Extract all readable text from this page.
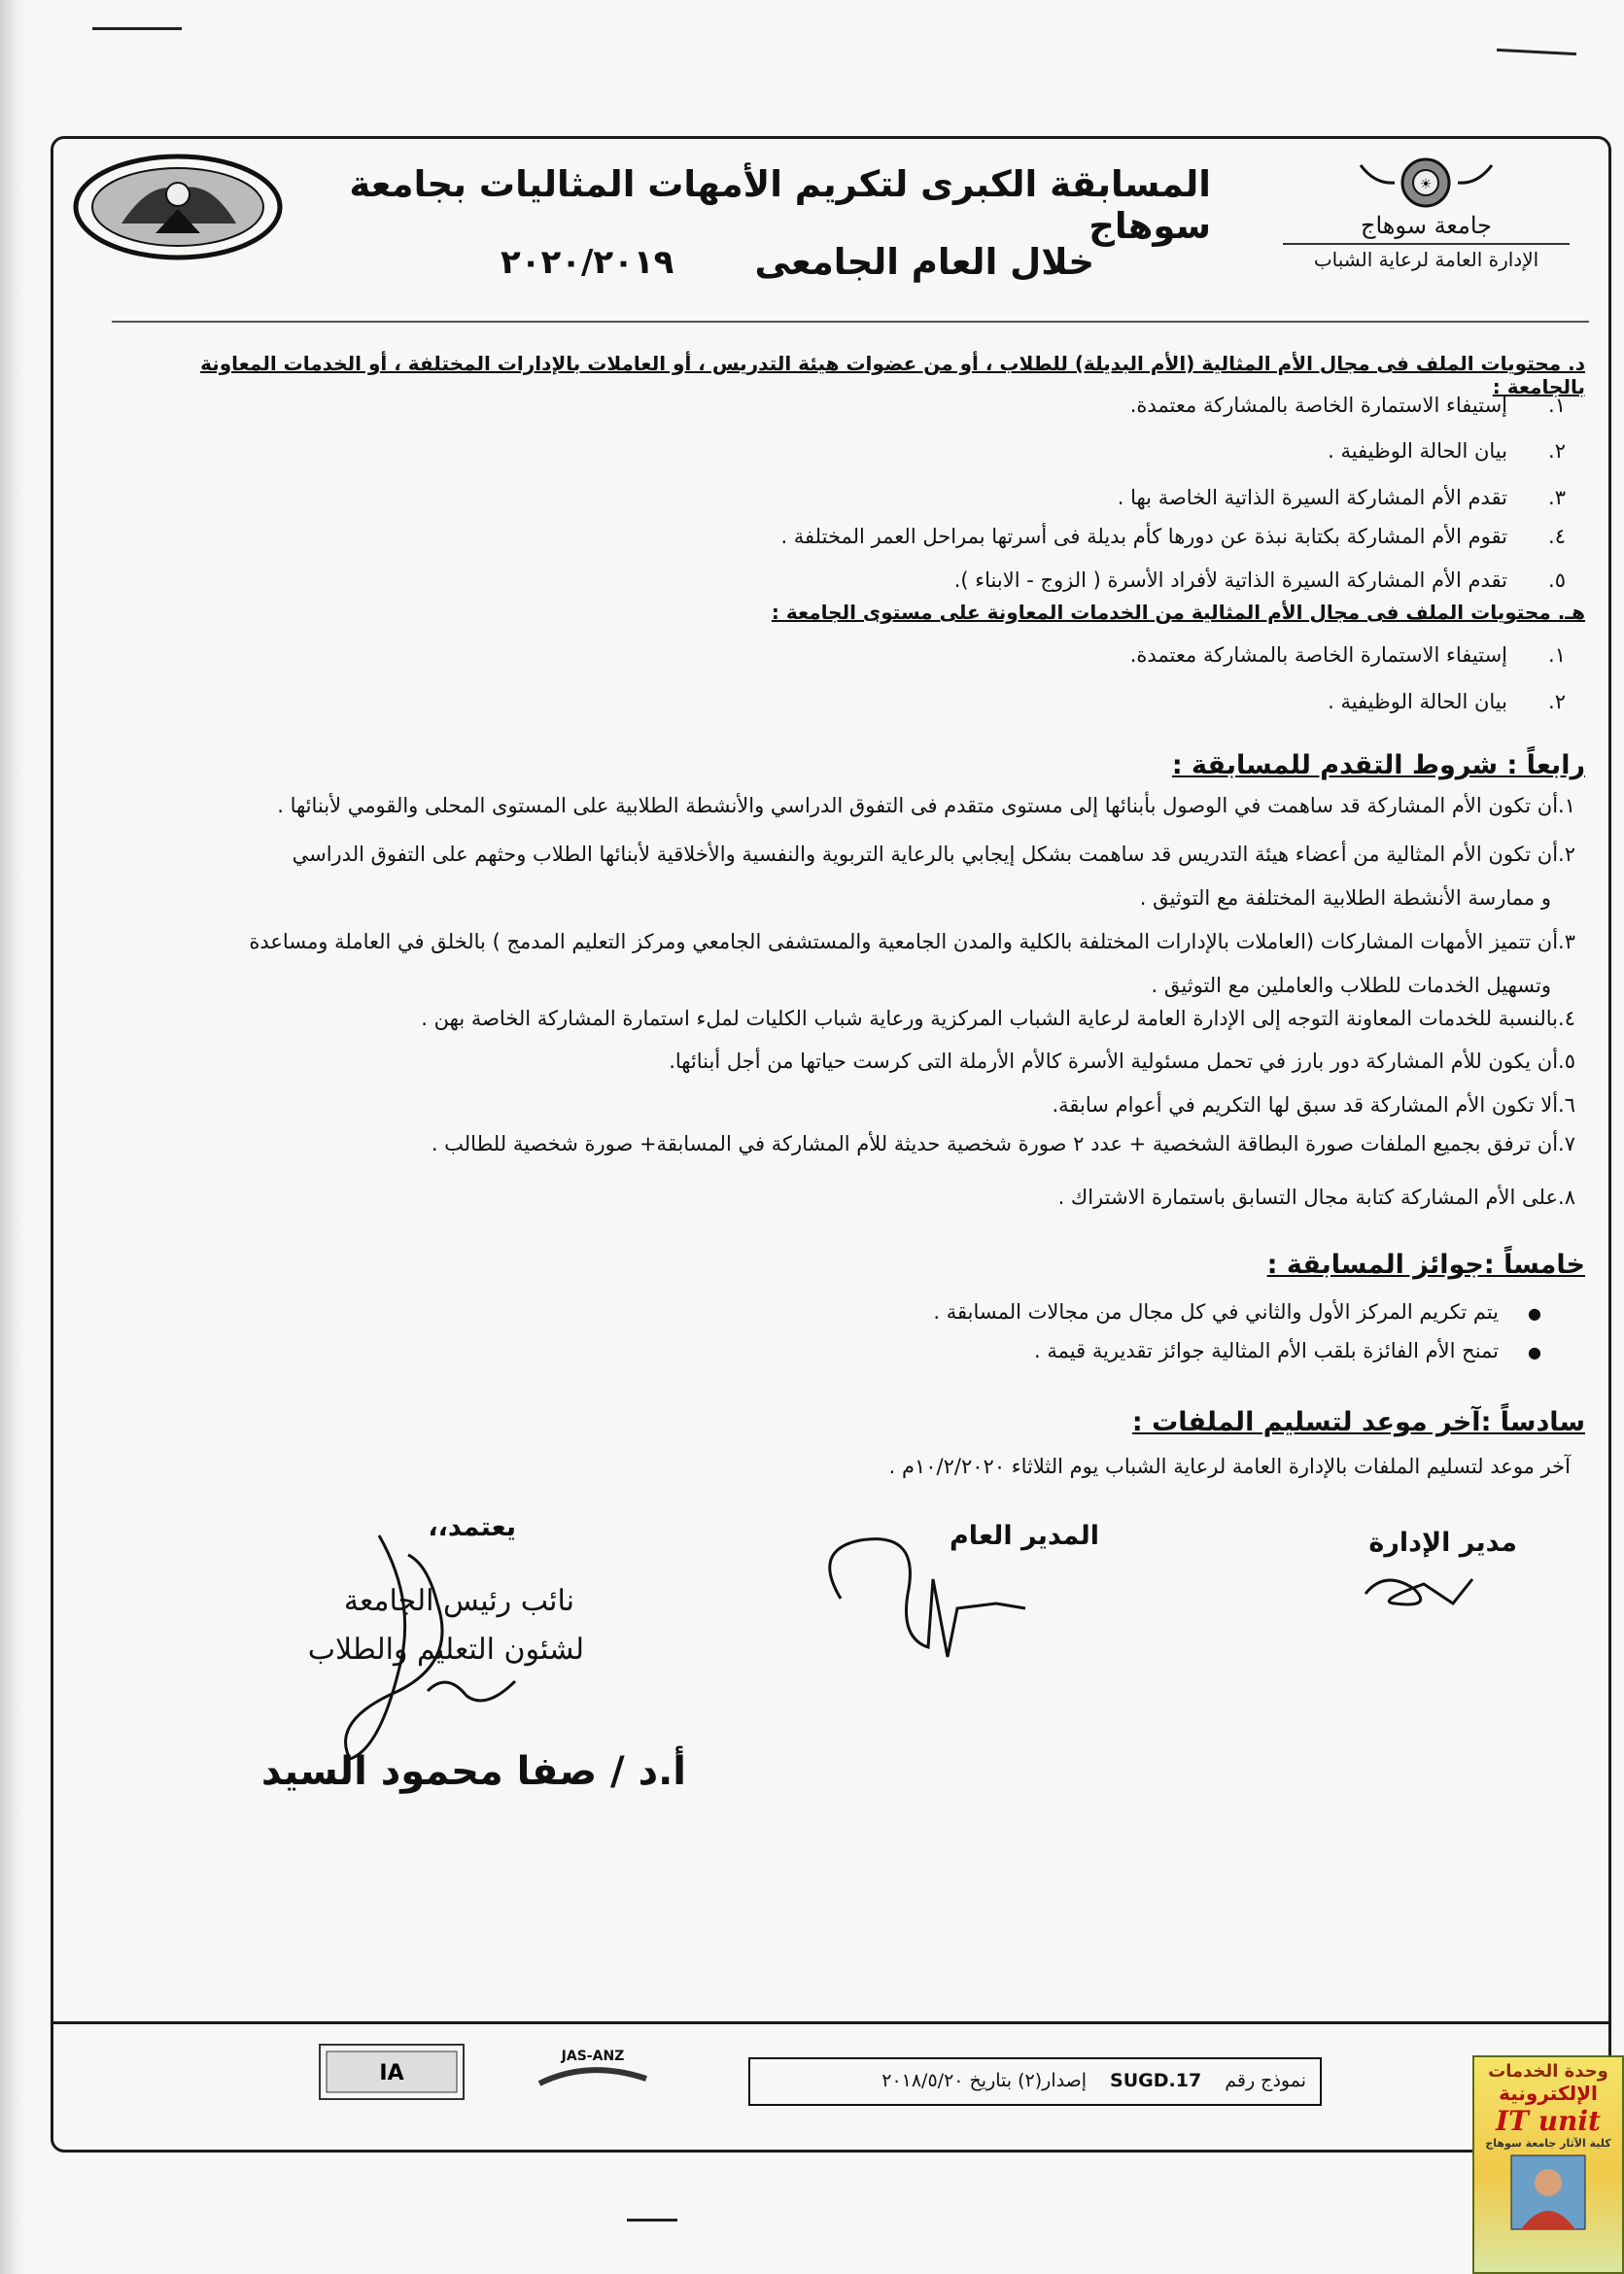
☀
جامعة سوهاج
الإدارة العامة لرعاية الشباب
المسابقة الكبرى لتكريم الأمهات المثاليات بجامعة سوهاج
خلال العام الجامعى
٢٠٢٠/٢٠١٩
د. محتويات الملف فى مجال الأم المثالية (الأم البديلة) للطلاب ، أو من عضوات هيئة التدريس ، أو العاملات بالإدارات المختلفة ، أو الخدمات المعاونة بالجامعة :
١.
إستيفاء الاستمارة الخاصة بالمشاركة معتمدة.
٢.
بيان الحالة الوظيفية .
٣.
تقدم الأم المشاركة السيرة الذاتية الخاصة بها .
٤.
تقوم الأم المشاركة بكتابة نبذة عن دورها كأم بديلة فى أسرتها بمراحل العمر المختلفة .
٥.
تقدم الأم المشاركة السيرة الذاتية لأفراد الأسرة ( الزوج - الابناء ).
هـ. محتويات الملف فى مجال الأم المثالية من الخدمات المعاونة على مستوى الجامعة :
١.
إستيفاء الاستمارة الخاصة بالمشاركة معتمدة.
٢.
بيان الحالة الوظيفية .
رابعاً : شروط التقدم للمسابقة :
١.أن تكون الأم المشاركة قد ساهمت في الوصول بأبنائها إلى مستوى متقدم فى التفوق الدراسي والأنشطة الطلابية على المستوى المحلى والقومي لأبنائها .
٢.أن تكون الأم المثالية من أعضاء هيئة التدريس قد ساهمت بشكل إيجابي بالرعاية التربوية والنفسية والأخلاقية لأبنائها الطلاب وحثهم على التفوق الدراسي
و ممارسة الأنشطة الطلابية المختلفة مع التوثيق .
٣.أن تتميز الأمهات المشاركات (العاملات بالإدارات المختلفة بالكلية والمدن الجامعية والمستشفى الجامعي ومركز التعليم المدمج ) بالخلق في العاملة ومساعدة
وتسهيل الخدمات للطلاب والعاملين مع التوثيق .
٤.بالنسبة للخدمات المعاونة التوجه إلى الإدارة العامة لرعاية الشباب المركزية ورعاية شباب الكليات لملء استمارة المشاركة الخاصة بهن .
٥.أن يكون للأم المشاركة دور بارز في تحمل مسئولية الأسرة كالأم الأرملة التى كرست حياتها من أجل أبنائها.
٦.ألا تكون الأم المشاركة قد سبق لها التكريم في أعوام سابقة.
٧.أن ترفق بجميع الملفات صورة البطاقة الشخصية + عدد ٢ صورة شخصية حديثة للأم المشاركة في المسابقة+ صورة شخصية للطالب .
٨.على الأم المشاركة كتابة مجال التسابق باستمارة الاشتراك .
خامساً :جوائز المسابقة :
●يتم تكريم المركز الأول والثاني في كل مجال من مجالات المسابقة .
●تمنح الأم الفائزة بلقب الأم المثالية جوائز تقديرية قيمة .
سادساً :آخر موعد لتسليم الملفات :
آخر موعد لتسليم الملفات بالإدارة العامة لرعاية الشباب يوم الثلاثاء ١٠/٢/٢٠٢٠م .
مدير الإدارة
المدير العام
يعتمد،،
نائب رئيس الجامعة
لشئون التعليم والطلاب
أ.د / صفا محمود السيد
IA
JAS-ANZ
نموذج رقم SUGD.17 إصدار(٢) بتاريخ ٢٠١٨/٥/٢٠	وحدة الخدمات
الإلكترونية
IT unit
كلية الآثار جامعة سوهاج
